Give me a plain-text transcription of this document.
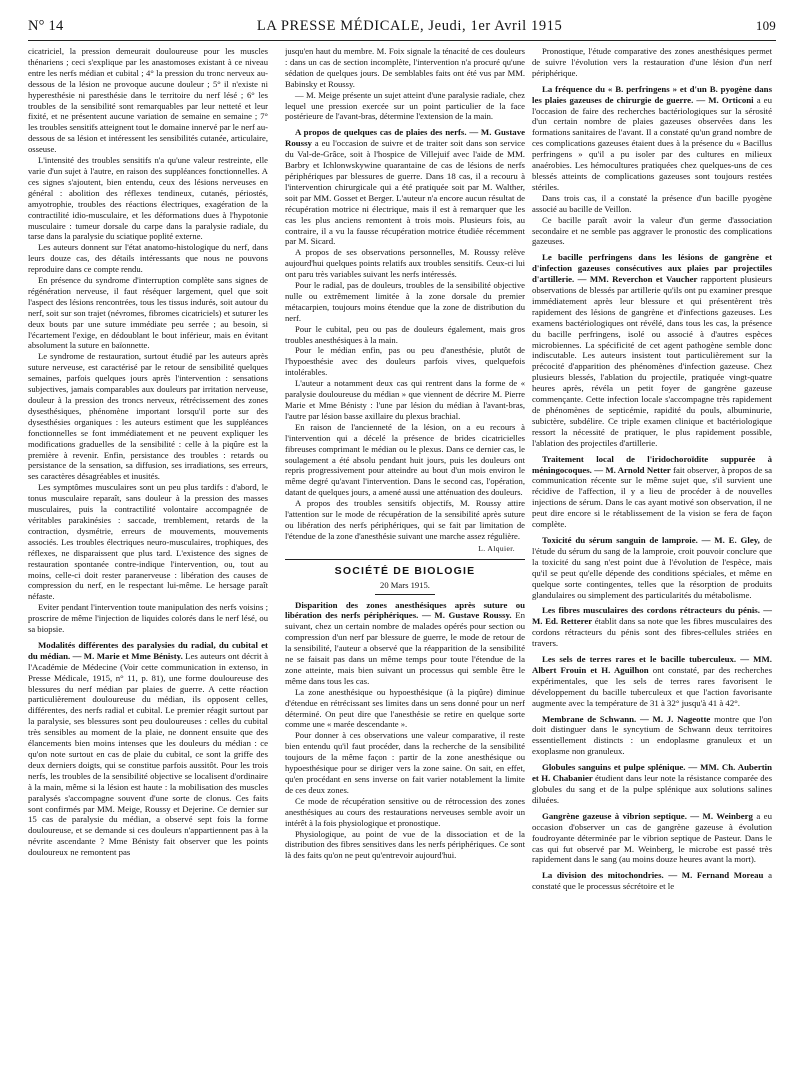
N° 14	LA PRESSE MÉDICALE, Jeudi, 1er Avril 1915	109

cicatriciel, la pression demeurait douloureuse pour les muscles thénariens ; ceci s'explique par les anastomoses existant à ce niveau entre les nerfs médian et cubital ; 4° la pression du tronc nerveux au-dessous de la lésion ne provoque aucune douleur ; 5° il n'existe ni hyperesthésie ni paresthésie dans le territoire du nerf lésé ; 6° les troubles de la sensibilité sont remarquables par leur netteté et leur fixité, et ne présentent aucune variation de semaine en semaine ; 7° les troubles sensitifs atteignent tout le domaine innervé par le nerf au-dessous de sa lésion et intéressent les sensibilités cutanée, articulaire, osseuse.

L'intensité des troubles sensitifs n'a qu'une valeur restreinte, elle varie d'un sujet à l'autre, en raison des suppléances fonctionnelles. A ces signes s'ajoutent, bien entendu, ceux des lésions nerveuses en général : abolition des réflexes tendineux, cutanés, périostés, amyotrophie, troubles des réactions électriques, exagération de la contractilité idio-musculaire, et les déformations dues à l'hypotonie musculaire : tumeur dorsale du carpe dans la paralysie radiale, du tarse dans la paralysie du sciatique poplité externe.

Les auteurs donnent sur l'état anatomo-histologique du nerf, dans leurs douze cas, des détails intéressants que nous ne pouvons reproduire dans ce compte rendu.

En présence du syndrome d'interruption complète sans signes de régénération nerveuse, il faut réséquer largement, quel que soit l'aspect des lésions rencontrées, tous les tissus indurés, soit autour du nerf, soit sur son trajet (névromes, fibromes cicatriciels) et suturer les deux bouts par une suture immédiate peu serrée ; au besoin, si l'écartement l'exige, en dédoublant le bout inférieur, mais en évitant absolument la suture en baïonnette.

Le syndrome de restauration, surtout étudié par les auteurs après suture nerveuse, est caractérisé par le retour de sensibilité quelques semaines, parfois quelques jours après l'intervention : sensations subjectives, jamais comparables aux douleurs par irritation nerveuse, douleur à la pression des troncs nerveux, rétrécissement des zones dysesthésiques, phénomène important lorsqu'il porte sur des dysesthésies organiques : les auteurs estiment que les suppléances fonctionnelles se font immédiatement et ne peuvent expliquer les modifications graduelles de la sensibilité : celle à la piqûre est la première à revenir. Enfin, persistance des troubles : retards ou persistance de la sensation, sa diffusion, ses irradiations, ses erreurs, ses caractères désagréables et inusités.

Les symptômes musculaires sont un peu plus tardifs : d'abord, le tonus musculaire reparaît, sans douleur à la pression des masses musculaires, puis la contractilité volontaire accompagnée de véritables parakinésies : saccade, tremblement, retards de la contraction, dysmétrie, erreurs de mouvements, mouvements associés. Les troubles électriques neuro-musculaires, trophiques, des réflexes, ne disparaissent que plus tard. L'existence des signes de restauration spontanée contre-indique l'intervention, ou, tout au moins, celle-ci doit rester paranerveuse : libération des causes de compression du nerf, en le respectant lui-même. Le hersage paraît néfaste.

Eviter pendant l'intervention toute manipulation des nerfs voisins ; proscrire de même l'injection de liquides colorés dans le nerf lésé, ou sa biopsie.

Modalités différentes des paralysies du radial, du cubital et du médian. — M. Marie et Mme Bénisty. Les auteurs ont décrit à l'Académie de Médecine (Voir cette communication in extenso, in Presse Médicale, 1915, n° 11, p. 81), une forme douloureuse des blessures du nerf médian par plaies de guerre. A cette réaction particulièrement douloureuse du médian, ils opposent celles, différentes, des nerfs radial et cubital. Le premier réagit surtout par la paralysie, ses blessures sont peu douloureuses : celles du cubital très sensibles au moment de la plaie, ne donnent ensuite que des élancements bien moins intenses que les douleurs du médian : ce qu'on note surtout en cas de plaie du cubital, ce sont la griffe des deux derniers doigts, qui se constitue parfois aussitôt. Pour les trois nerfs, les troubles de la sensibilité objective se localisent d'ordinaire à la main, même si la lésion est haute : la mobilisation des muscles paralysés s'accompagne souvent d'une sorte de clonus. Ces faits sont confirmés par MM. Meige, Roussy et Dejerine. Ce dernier sur 15 cas de paralysie du médian, a observé sept fois la forme douloureuse, et se demande si ces douleurs n'appartiennent pas à la névrite ascendante ? Mme Bénisty fait observer que les points douloureux ne remontent pas

jusqu'en haut du membre. M. Foix signale la ténacité de ces douleurs : dans un cas de section incomplète, l'intervention n'a procuré qu'une sédation de quelques jours. De semblables faits ont été vus par MM. Babinsky et Roussy.

— M. Meige présente un sujet atteint d'une paralysie radiale, chez lequel une pression exercée sur un point particulier de la face postérieure de l'avant-bras, détermine l'extension de la main.

A propos de quelques cas de plaies des nerfs. — M. Gustave Roussy a eu l'occasion de suivre et de traiter soit dans son service du Val-de-Grâce, soit à l'hospice de Villejuif avec l'aide de MM. Barbry et Ichlonwskywine quarantaine de cas de lésions de nerfs périphériques par blessures de guerre. Dans 18 cas, il a recouru à l'intervention chirurgicale qui a été pratiquée soit par M. Walther, soit par MM. Gosset et Berger. L'auteur n'a encore aucun résultat de récupération motrice ni électrique, mais il est à remarquer que les cas les plus anciens remontent à trois mois. Plusieurs fois, au contraire, il a vu la fausse récupération motrice étudiée récemment par M. Sicard.

A propos de ses observations personnelles, M. Roussy relève aujourd'hui quelques points relatifs aux troubles sensitifs. Ceux-ci lui ont paru très variables suivant les nerfs intéressés.

Pour le radial, pas de douleurs, troubles de la sensibilité objective nulle ou extrêmement limitée à la zone dorsale du premier métacarpien, toujours moins étendue que la zone de distribution du nerf.

Pour le cubital, peu ou pas de douleurs également, mais gros troubles anesthésiques à la main.

Pour le médian enfin, pas ou peu d'anesthésie, plutôt de l'hypoesthésie avec des douleurs parfois vives, quelquefois intolérables.

L'auteur a notamment deux cas qui rentrent dans la forme de « paralysie douloureuse du médian » que viennent de décrire M. Pierre Marie et Mme Bénisty : l'une par lésion du médian à l'avant-bras, l'autre par lésion basse axillaire du plexus brachial.

En raison de l'ancienneté de la lésion, on a eu recours à l'intervention qui a décelé la présence de brides cicatricielles fibreuses comprimant le médian ou le plexus. Dans ce dernier cas, le soulagement a été absolu pendant huit jours, puis les douleurs ont repris progressivement pour atteindre au bout d'un mois environ le même degré qu'avant l'intervention. Dans le second cas, l'opération, datant de quelques jours, a amené aussi une atténuation des douleurs.

A propos des troubles sensitifs objectifs, M. Roussy attire l'attention sur le mode de récupération de la sensibilité après suture ou libération des nerfs périphériques, qui se fait par limitation de l'étendue de la zone d'anesthésie suivant une marche assez régulière.

L. Alquier.
SOCIÉTÉ DE BIOLOGIE
20 Mars 1915.
Disparition des zones anesthésiques après suture ou libération des nerfs périphériques. — M. Gustave Roussy. En suivant, chez un certain nombre de malades opérés pour section ou compression d'un nerf par blessure de guerre, le mode de retour de la sensibilité, l'auteur a observé que la réapparition de la sensibilité ne se faisait pas dans un même temps pour toute l'étendue de la zone atteinte, mais bien suivant un processus qui semble être le même dans tous les cas.

La zone anesthésique ou hypoesthésique (à la piqûre) diminue d'étendue en rétrécissant ses limites dans un sens donné pour un nerf déterminé. On peut dire que l'anesthésie se retire en quelque sorte comme une « marée descendante ».

Pour donner à ces observations une valeur comparative, il reste bien entendu qu'il faut procéder, dans la recherche de la sensibilité toujours de la même façon : partir de la zone anesthésique ou hypoesthésique pour se diriger vers la zone saine. On sait, en effet, qu'en procédant en sens inverse on fait varier notablement la limite de ces deux zones.

Ce mode de récupération sensitive ou de rétrocession des zones anesthésiques au cours des restaurations nerveuses semble avoir un intérêt à la fois physiologique et pronostique.

Physiologique, au point de vue de la dissociation et de la distribution des fibres sensitives dans les nerfs périphériques. Ce sont là des faits qu'on ne peut qu'entrevoir aujourd'hui.

Pronostique, l'étude comparative des zones anesthésiques permet de suivre l'évolution vers la restauration d'une lésion d'un nerf périphérique.

La fréquence du « B. perfringens » et d'un B. pyogène dans les plaies gazeuses de chirurgie de guerre. — M. Orticoni a eu l'occasion de faire des recherches bactériologiques sur la sérosité d'un certain nombre de plaies gazeuses observées dans les formations sanitaires de l'avant. Il a constaté qu'un grand nombre de ces complications gazeuses étaient dues à la présence du « Bacillus perfringens » qu'il a pu isoler par des cultures en milieux anaérobies. Les hémocultures pratiquées chez quelques-uns de ces blessés atteints de complications gazeuses sont toujours restées stériles.

Dans trois cas, il a constaté la présence d'un bacille pyogène associé au bacille de Veillon.

Ce bacille paraît avoir la valeur d'un germe d'association secondaire et ne semble pas aggraver le pronostic des complications gazeuses.

Le bacille perfringens dans les lésions de gangrène et d'infection gazeuses consécutives aux plaies par projectiles d'artillerie. — MM. Reverchon et Vaucher rapportent plusieurs observations de blessés par artillerie qu'ils ont pu examiner presque immédiatement après leur blessure et qui présentèrent très rapidement des lésions de gangrène et d'infections gazeuses. Les examens bactériologiques ont révélé, dans tous les cas, la présence du bacille perfringens, isolé ou associé à d'autres espèces microbiennes. La spécificité de cet agent pathogène semble donc indiscutable. Les auteurs insistent tout particulièrement sur la précocité d'apparition des phénomènes d'infection gazeuse. Chez plusieurs blessés, l'ablation du projectile, pratiquée vingt-quatre heures après, révéla un petit foyer de gangrène gazeuse commençante. Cette infection locale s'accompagne très rapidement de phénomènes de septicémie, rapidité du pouls, albuminurie, subictère, subdélire. Ce triple examen clinique et bactériologique ressort la nécessité de pratiquer, le plus rapidement possible, l'ablation des projectiles d'artillerie.
Traitement local de l'iridochoroïdite suppurée à méningocoques. — M. Arnold Netter fait observer, à propos de sa communication récente sur le même sujet que, s'il survient une récidive de l'affection, il y a lieu de procéder à de nouvelles injections de sérum. Dans le cas ayant motivé son observation, il ne peut dire encore si le rétablissement de la vision se fera de façon complète.
Toxicité du sérum sanguin de lamproie. — M. E. Gley, de l'étude du sérum du sang de la lamproie, croit pouvoir conclure que la toxicité du sang n'est point due à l'évolution de l'espèce, mais qu'il se peut qu'elle dépende des conditions spéciales, et même en quelque sorte contingentes, telles que la résorption de produits glandulaires ou simplement des particularités du métabolisme.
Les fibres musculaires des cordons rétracteurs du pénis. — M. Ed. Retterer établit dans sa note que les fibres musculaires des cordons rétracteurs du pénis sont des fibres-cellules striées en travers.
Les sels de terres rares et le bacille tuberculeux. — MM. Albert Frouin et H. Aguilhon ont constaté, par des recherches expérimentales, que les sels de terres rares favorisent le développement du bacille tuberculeux et que l'action favorisante augmente avec la température de 31 à 32° jusqu'à 41 à 42°.
Membrane de Schwann. — M. J. Nageotte montre que l'on doit distinguer dans le syncytium de Schwann deux territoires essentiellement distincts : un endoplasme granuleux et un exoplasme non granuleux.
Globules sanguins et pulpe splénique. — MM. Ch. Aubertin et H. Chabanier étudient dans leur note la résistance comparée des globules du sang et de la pulpe splénique aux solutions salines diluées.
Gangrène gazeuse à vibrion septique. — M. Weinberg a eu occasion d'observer un cas de gangrène gazeuse à évolution foudroyante déterminée par le vibrion septique de Pasteur. Dans le cas qui fut observé par M. Weinberg, le microbe est passé très rapidement dans le sang (au moins douze heures avant la mort).
La division des mitochondries. — M. Fernand Moreau a constaté que le processus sécrétoire et le
